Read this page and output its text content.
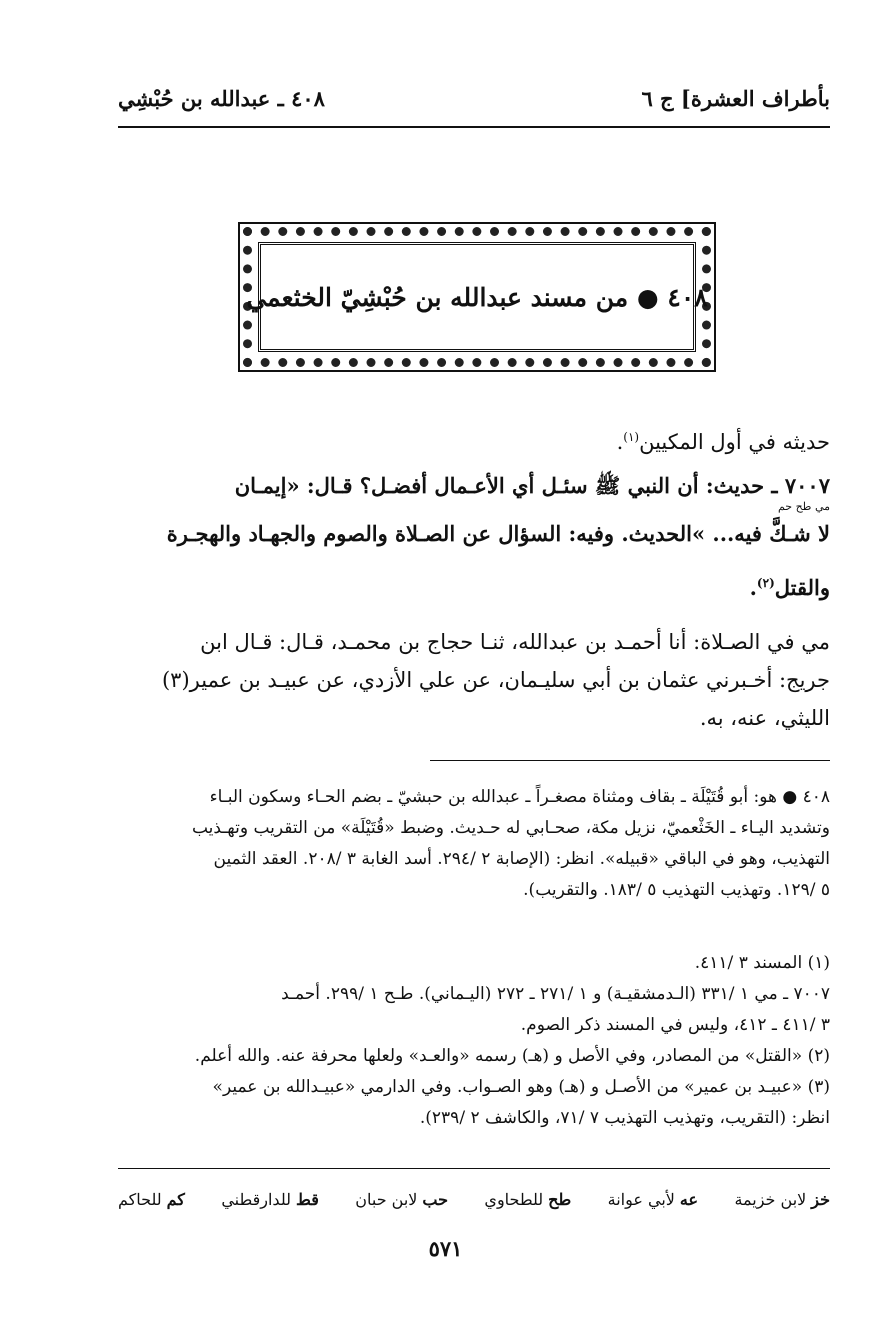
بأطراف العشرة] ج ٦
٤٠٨ ـ عبدالله بن حُبْشِي
٤٠٨ ● من مسند عبدالله بن حُبْشِيّ الخثعمي
حديثه في أول المكيين$^{(١)}$.
٧٠٠٧ ـ حديث: أن النبي ﷺ سئـل أي الأعـمال أفضـل؟ قـال: «إيمـان
مي طح حم
لا شـكَّ فيه... »الحديث. وفيه: السؤال عن الصـلاة والصوم والجهـاد والهجـرة
والقتل$^{(٢)}$.
مي في الصـلاة: أنا أحمـد بن عبدالله، ثنـا حجاج بن محمـد، قـال: قـال ابن
جريج: أخـبرني عثمان بن أبي سليـمان، عن علي الأزدي، عن عبيـد بن عمير(٣)
الليثي، عنه، به.
٤٠٨ ● هو: أبو قُتَيْلَة ـ بقاف ومثناة مصغـراً ـ عبدالله بن حبشيّ ـ بضم الحـاء وسكون البـاء
وتشديد اليـاء ـ الخَثْعميّ، نزيل مكة، صحـابي له حـديث. وضبط «قُتَيْلَة» من التقريب وتهـذيب
التهذيب، وهو في الباقي «قبيله». انظر: (الإصابة ٢ /٢٩٤. أسد الغابة ٣ /٢٠٨. العقد الثمين
٥ /١٢٩. وتهذيب التهذيب ٥ /١٨٣. والتقريب).
(١) المسند ٣ /٤١١.
٧٠٠٧ ـ مي ١ /٣٣١ (الـدمشقيـة) و ١ /٢٧١ ـ ٢٧٢ (اليـماني). طـح ١ /٢٩٩. أحمـد
٣ /٤١١ ـ ٤١٢، وليس في المسند ذكر الصوم.
(٢) «القتل» من المصادر، وفي الأصل و (هـ) رسمه «والعـد» ولعلها محرفة عنه. والله أعلم.
(٣) «عبيـد بن عمير» من الأصـل و (هـ) وهو الصـواب. وفي الدارمي «عبيـدالله بن عمير»
انظر: (التقريب، وتهذيب التهذيب ٧ /٧١، والكاشف ٢ /٢٣٩).
خز
لابن خزيمة
عه
لأبي عوانة
طح
للطحاوي
حب
لابن حبان
قط
للدارقطني
كم
للحاكم
٥٧١
